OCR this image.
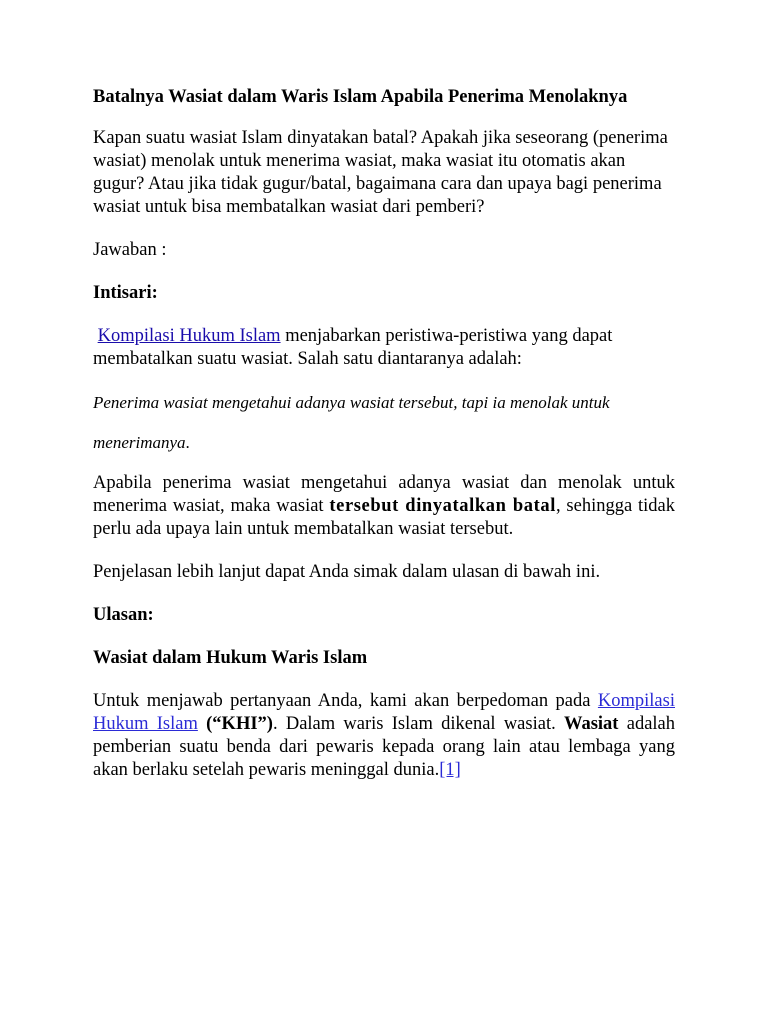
Batalnya Wasiat dalam Waris Islam Apabila Penerima Menolaknya
Kapan suatu wasiat Islam dinyatakan batal? Apakah jika seseorang (penerima wasiat) menolak untuk menerima wasiat, maka wasiat itu otomatis akan gugur? Atau jika tidak gugur/batal, bagaimana cara dan upaya bagi penerima wasiat untuk bisa membatalkan wasiat dari pemberi?
Jawaban :
Intisari:
Kompilasi Hukum Islam menjabarkan peristiwa-peristiwa yang dapat membatalkan suatu wasiat. Salah satu diantaranya adalah:
Penerima wasiat mengetahui adanya wasiat tersebut, tapi ia menolak untuk
menerimanya.
Apabila penerima wasiat mengetahui adanya wasiat dan menolak untuk menerima wasiat, maka wasiat tersebut dinyatalkan batal, sehingga tidak perlu ada upaya lain untuk membatalkan wasiat tersebut.
Penjelasan lebih lanjut dapat Anda simak dalam ulasan di bawah ini.
Ulasan:
Wasiat dalam Hukum Waris Islam
Untuk menjawab pertanyaan Anda, kami akan berpedoman pada Kompilasi Hukum Islam (“KHI”). Dalam waris Islam dikenal wasiat. Wasiat adalah pemberian suatu benda dari pewaris kepada orang lain atau lembaga yang akan berlaku setelah pewaris meninggal dunia.[1]
